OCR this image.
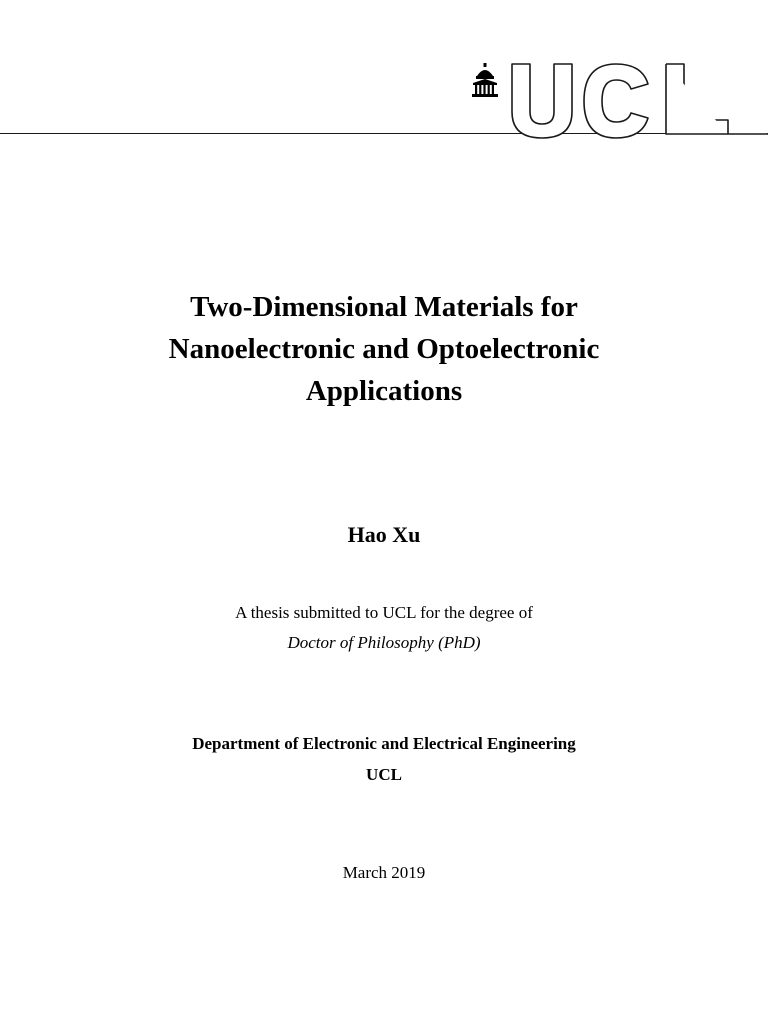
Two-Dimensional Materials for
Nanoelectronic and Optoelectronic
Applications

Hao Xu

A thesis submitted to UCL for the degree of
Doctor of Philosophy (PhD)

Department of Electronic and Electrical Engineering
UCL

March 2019
